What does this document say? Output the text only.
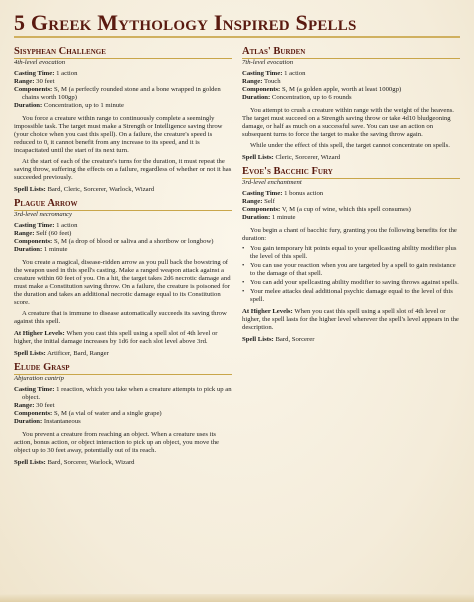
5 Greek Mythology Inspired Spells
Sisyphean Challenge
4th-level evocation
Casting Time: 1 action
Range: 30 feet
Components: S, M (a perfectly rounded stone and a bone wrapped in golden chains worth 100gp)
Duration: Concentration, up to 1 minute

You force a creature within range to continuously complete a seemingly impossible task. The target must make a Strength or Intelligence saving throw (your choice when you cast this spell). On a failure, the creature's speed is reduced to 0, it cannot benefit from any increase to its speed, and it is incapacitated until the start of its next turn.

At the start of each of the creature's turns for the duration, it must repeat the saving throw, suffering the effects on a failure, regardless of whether or not it has succeeded previously.

Spell Lists: Bard, Cleric, Sorcerer, Warlock, Wizard
Plague Arrow
3rd-level necromancy
Casting Time: 1 action
Range: Self (60 feet)
Components: S, M (a drop of blood or saliva and a shortbow or longbow)
Duration: 1 minute

You create a magical, disease-ridden arrow as you pull back the bowstring of the weapon used in this spell's casting. Make a ranged weapon attack against a creature within 60 feet of you. On a hit, the target takes 2d6 necrotic damage and must make a Constitution saving throw. On a failure, the creature is poisoned for the duration and takes an additional necrotic damage equal to its Constitution score.

A creature that is immune to disease automatically succeeds its saving throw against this spell.

At Higher Levels: When you cast this spell using a spell slot of 4th level or higher, the initial damage increases by 1d6 for each slot level above 3rd.
Spell Lists: Artificer, Bard, Ranger
Elude Grasp
Abjuration cantrip
Casting Time: 1 reaction, which you take when a creature attempts to pick up an object.
Range: 30 feet
Components: S, M (a vial of water and a single grape)
Duration: Instantaneous

You prevent a creature from reaching an object. When a creature uses its action, bonus action, or object interaction to pick up an object, you move the object up to 30 feet away, potentially out of its reach.

Spell Lists: Bard, Sorcerer, Warlock, Wizard
Atlas' Burden
7th-level evocation
Casting Time: 1 action
Range: Touch
Components: S, M (a golden apple, worth at least 1000gp)
Duration: Concentration, up to 6 rounds

You attempt to crush a creature within range with the weight of the heavens. The target must succeed on a Strength saving throw or take 4d10 bludgeoning damage, or half as much on a successful save. You can use an action on subsequent turns to force the target to make the saving throw again.

While under the effect of this spell, the target cannot concentrate on spells.

Spell Lists: Cleric, Sorcerer, Wizard
Evoe's Bacchic Fury
3rd-level enchantment
Casting Time: 1 bonus action
Range: Self
Components: V, M (a cup of wine, which this spell consumes)
Duration: 1 minute

You begin a chant of bacchic fury, granting you the following benefits for the duration:

• You gain temporary hit points equal to your spellcasting ability modifier plus the level of this spell.
• You can use your reaction when you are targeted by a spell to gain resistance to the damage of that spell.
• You can add your spellcasting ability modifier to saving throws against spells.
• Your melee attacks deal additional psychic damage equal to the level of this spell.
At Higher Levels: When you cast this spell using a spell slot of 4th level or higher, the spell lasts for the higher level wherever the spell's level appears in the description.
Spell Lists: Bard, Sorcerer
